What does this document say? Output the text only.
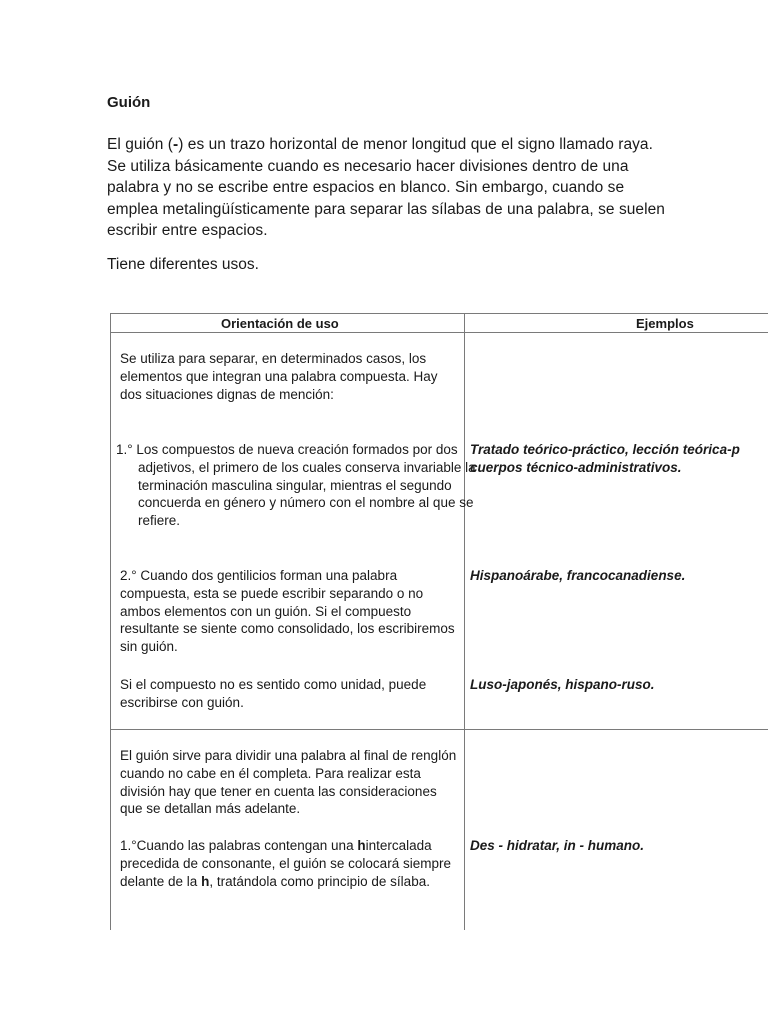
Guión

El guión (-) es un trazo horizontal de menor longitud que el signo llamado raya. Se utiliza básicamente cuando es necesario hacer divisiones dentro de una palabra y no se escribe entre espacios en blanco. Sin embargo, cuando se emplea metalingüísticamente para separar las sílabas de una palabra, se suelen escribir entre espacios.

Tiene diferentes usos.

Orientación de uso	Ejemplos

Se utiliza para separar, en determinados casos, los elementos que integran una palabra compuesta. Hay dos situaciones dignas de mención:

1.° Los compuestos de nueva creación formados por dos adjetivos, el primero de los cuales conserva invariable la terminación masculina singular, mientras el segundo concuerda en género y número con el nombre al que se refiere.

Tratado teórico-práctico, lección teórica-p

cuerpos técnico-administrativos.

2.° Cuando dos gentilicios forman una palabra compuesta, esta se puede escribir separando o no ambos elementos con un guión. Si el compuesto resultante se siente como consolidado, los escribiremos sin guión.

Hispanoárabe, francocanadiense.

Si el compuesto no es sentido como unidad, puede escribirse con guión.

Luso-japonés, hispano-ruso.

El guión sirve para dividir una palabra al final de renglón cuando no cabe en él completa. Para realizar esta división hay que tener en cuenta las consideraciones que se detallan más adelante.

1.°Cuando las palabras contengan una hintercalada precedida de consonante, el guión se colocará siempre delante de la h, tratándola como principio de sílaba.

Des - hidratar, in - humano.
